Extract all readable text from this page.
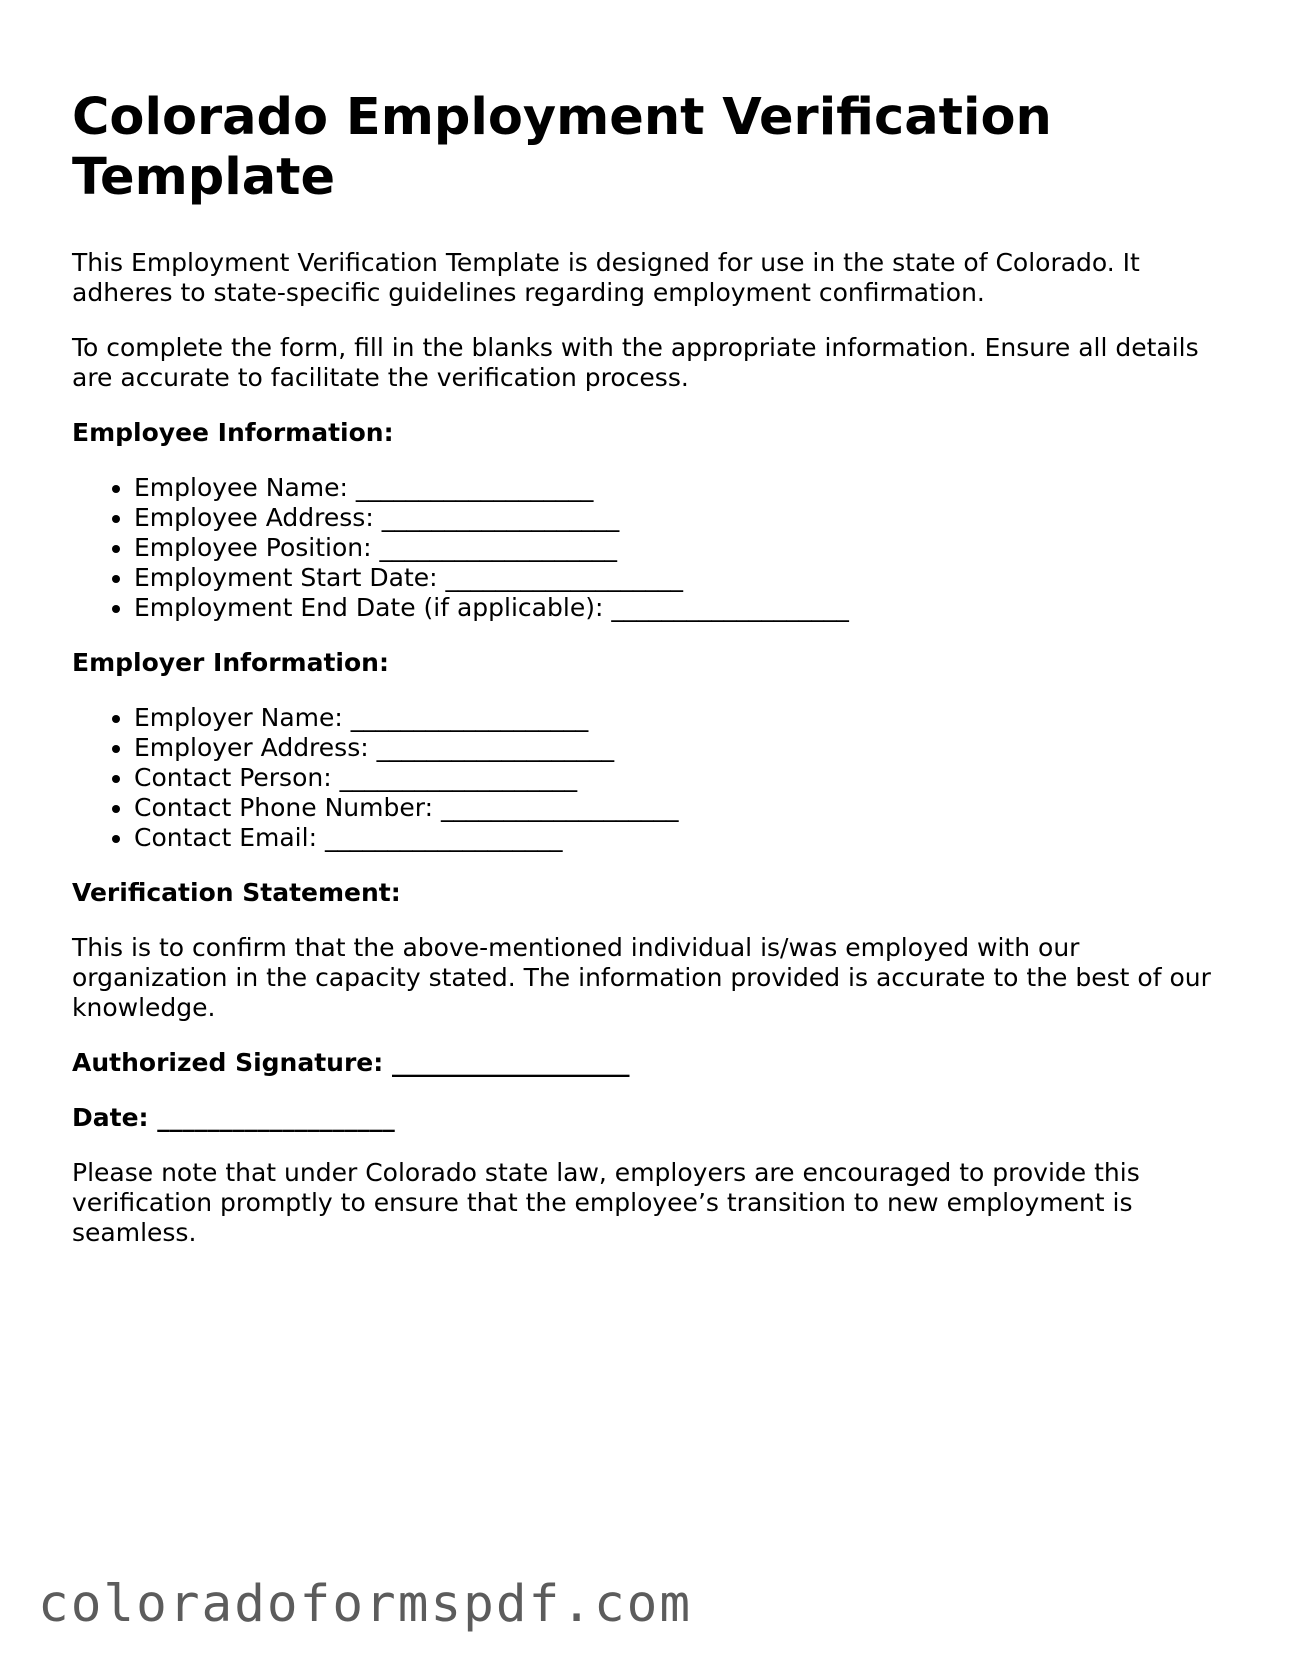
Colorado Employment Verification Template

This Employment Verification Template is designed for use in the state of Colorado. It adheres to state-specific guidelines regarding employment confirmation.

To complete the form, fill in the blanks with the appropriate information. Ensure all details are accurate to facilitate the verification process.

Employee Information:
• Employee Name: ___________________
• Employee Address: ___________________
• Employee Position: ___________________
• Employment Start Date: ___________________
• Employment End Date (if applicable): ___________________
Employer Information:
• Employer Name: ___________________
• Employer Address: ___________________
• Contact Person: ___________________
• Contact Phone Number: ___________________
• Contact Email: ___________________
Verification Statement:

This is to confirm that the above-mentioned individual is/was employed with our organization in the capacity stated. The information provided is accurate to the best of our knowledge.

Authorized Signature: ___________________
Date: ___________________

Please note that under Colorado state law, employers are encouraged to provide this verification promptly to ensure that the employee’s transition to new employment is seamless.

coloradoformspdf.com
